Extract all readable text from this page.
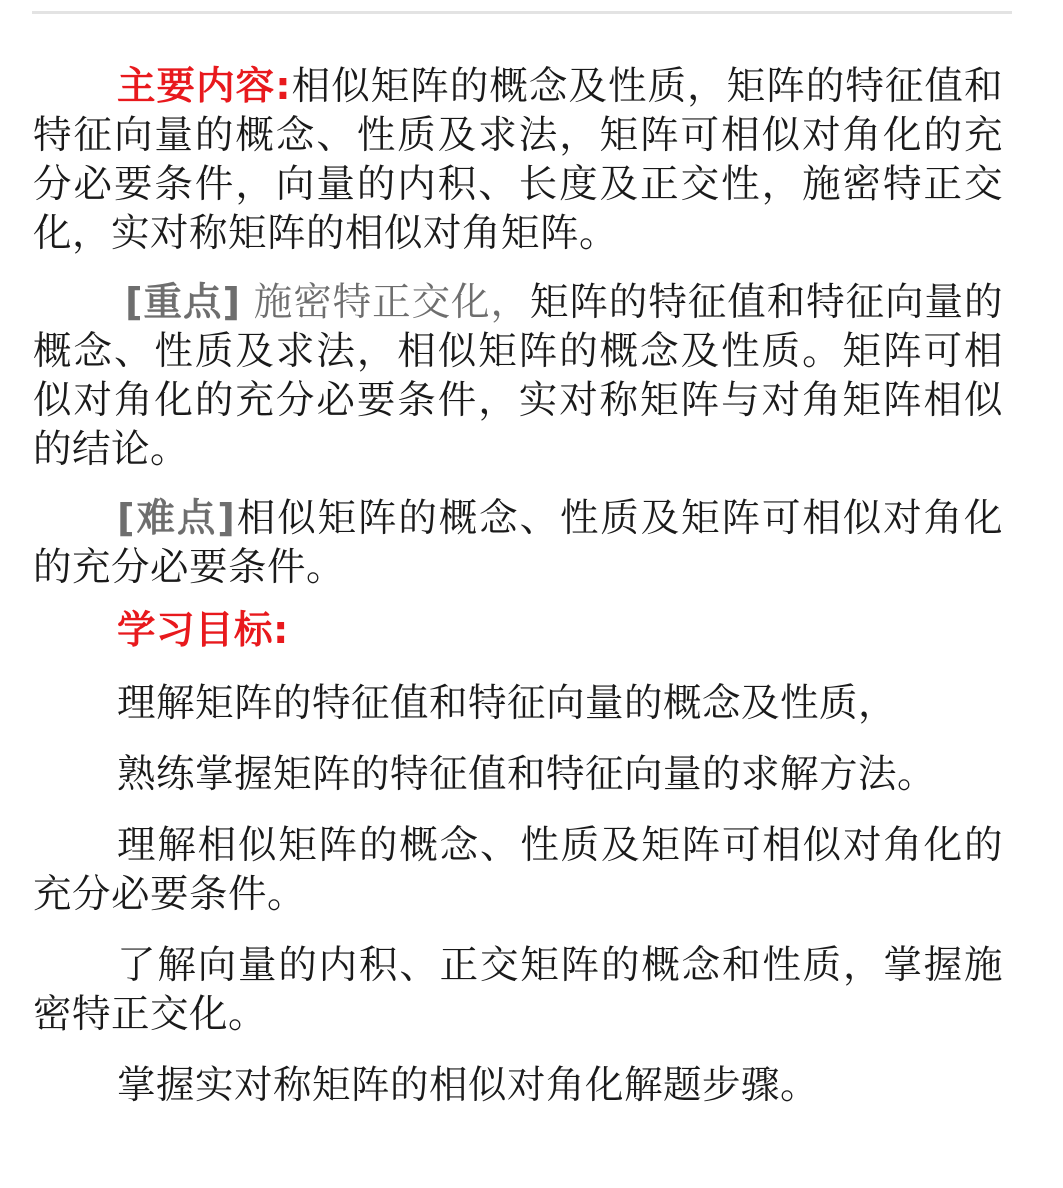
主要内容:相似矩阵的概念及性质，矩阵的特征值和特征向量的概念、性质及求法，矩阵可相似对角化的充分必要条件，向量的内积、长度及正交性，施密特正交化，实对称矩阵的相似对角矩阵。

[重点] 施密特正交化，矩阵的特征值和特征向量的概念、性质及求法，相似矩阵的概念及性质。矩阵可相似对角化的充分必要条件，实对称矩阵与对角矩阵相似的结论。

[难点]相似矩阵的概念、性质及矩阵可相似对角化的充分必要条件。

学习目标:

理解矩阵的特征值和特征向量的概念及性质，

熟练掌握矩阵的特征值和特征向量的求解方法。

理解相似矩阵的概念、性质及矩阵可相似对角化的充分必要条件。

了解向量的内积、正交矩阵的概念和性质，掌握施密特正交化。

掌握实对称矩阵的相似对角化解题步骤。
